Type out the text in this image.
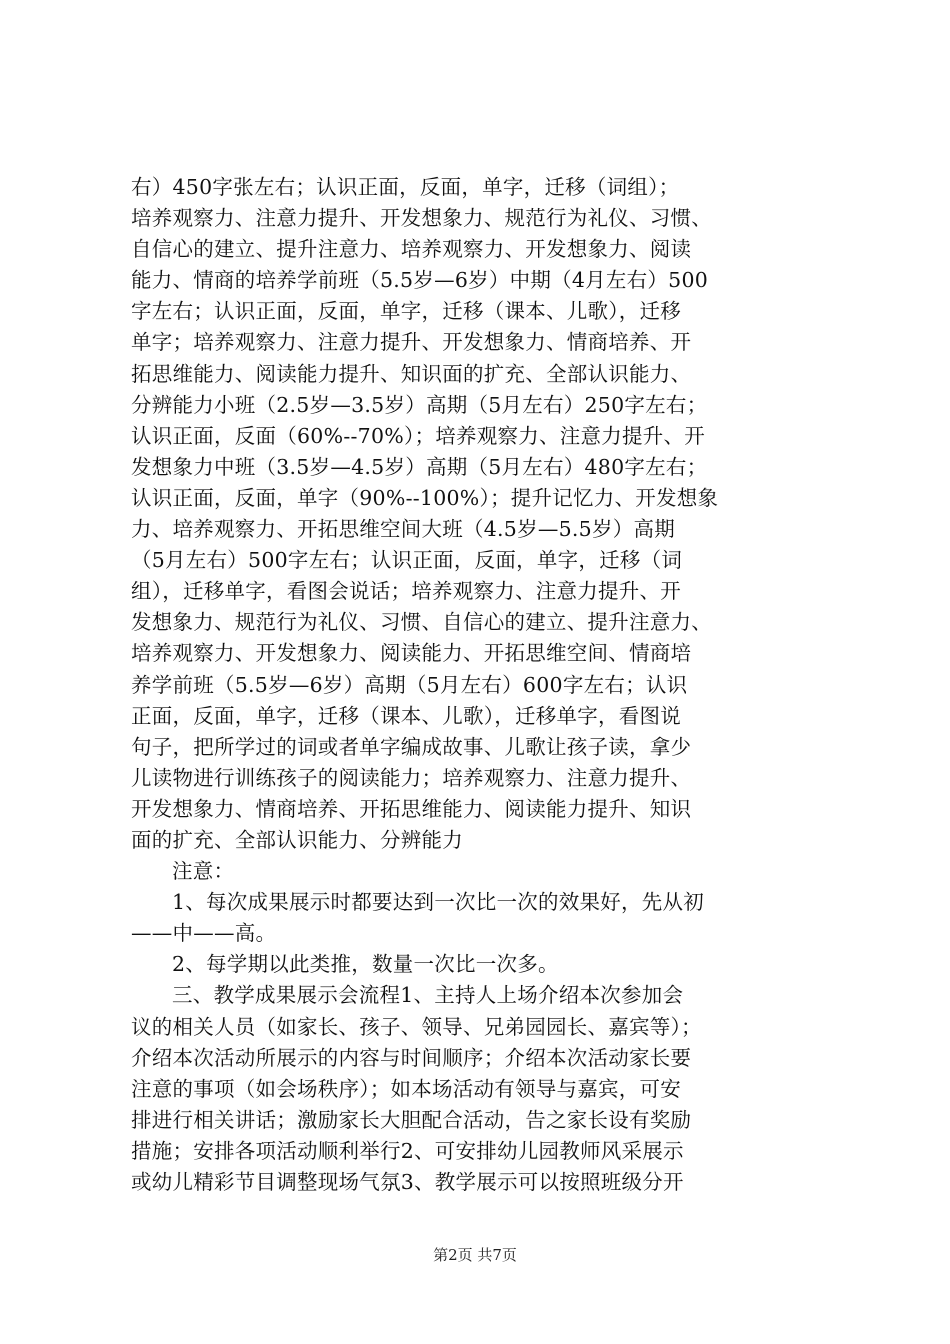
右）450字张左右；认识正面，反面，单字，迁移（词组）；
培养观察力、注意力提升、开发想象力、规范行为礼仪、习惯、
自信心的建立、提升注意力、培养观察力、开发想象力、阅读
能力、情商的培养学前班（5.5岁—6岁）中期（4月左右）500
字左右；认识正面，反面，单字，迁移（课本、儿歌），迁移
单字；培养观察力、注意力提升、开发想象力、情商培养、开
拓思维能力、阅读能力提升、知识面的扩充、全部认识能力、
分辨能力小班（2.5岁—3.5岁）高期（5月左右）250字左右；
认识正面，反面（60%--70%）；培养观察力、注意力提升、开
发想象力中班（3.5岁—4.5岁）高期（5月左右）480字左右；
认识正面，反面，单字（90%--100%）；提升记忆力、开发想象
力、培养观察力、开拓思维空间大班（4.5岁—5.5岁）高期
（5月左右）500字左右；认识正面，反面，单字，迁移（词
组），迁移单字，看图会说话；培养观察力、注意力提升、开
发想象力、规范行为礼仪、习惯、自信心的建立、提升注意力、
培养观察力、开发想象力、阅读能力、开拓思维空间、情商培
养学前班（5.5岁—6岁）高期（5月左右）600字左右；认识
正面，反面，单字，迁移（课本、儿歌），迁移单字，看图说
句子，把所学过的词或者单字编成故事、儿歌让孩子读，拿少
儿读物进行训练孩子的阅读能力；培养观察力、注意力提升、
开发想象力、情商培养、开拓思维能力、阅读能力提升、知识
面的扩充、全部认识能力、分辨能力
注意：
1、每次成果展示时都要达到一次比一次的效果好，先从初
——中——高。
2、每学期以此类推，数量一次比一次多。
三、教学成果展示会流程1、主持人上场介绍本次参加会
议的相关人员（如家长、孩子、领导、兄弟园园长、嘉宾等）；
介绍本次活动所展示的内容与时间顺序；介绍本次活动家长要
注意的事项（如会场秩序）；如本场活动有领导与嘉宾，可安
排进行相关讲话；激励家长大胆配合活动，告之家长设有奖励
措施；安排各项活动顺利举行2、可安排幼儿园教师风采展示
或幼儿精彩节目调整现场气氛3、教学展示可以按照班级分开
第2页 共7页
